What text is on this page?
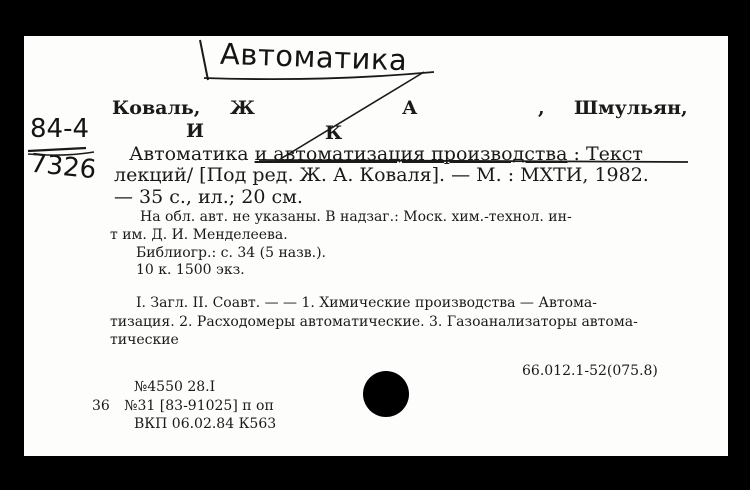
Автоматика
84-4
7326
Коваль, Ж	А	, Шмульян,
И	К
Автоматика и автоматизация производства : Текст
лекций/ [Под ред. Ж. А. Коваля]. — М. : МХТИ, 1982.
— 35 с., ил.; 20 см.
На обл. авт. не указаны. В надзаг.: Моск. хим.-технол. ин-
т им. Д. И. Менделеева.
Библиогр.: с. 34 (5 назв.).
10 к. 1500 экз.
I. Загл. II. Соавт. — — 1. Химические производства — Автома-
тизация. 2. Расходомеры автоматические. 3. Газоанализаторы автома-
тические
66.012.1-52(075.8)
№4550 28.I
36 №31 [83-91025] п оп
ВКП 06.02.84 К563
